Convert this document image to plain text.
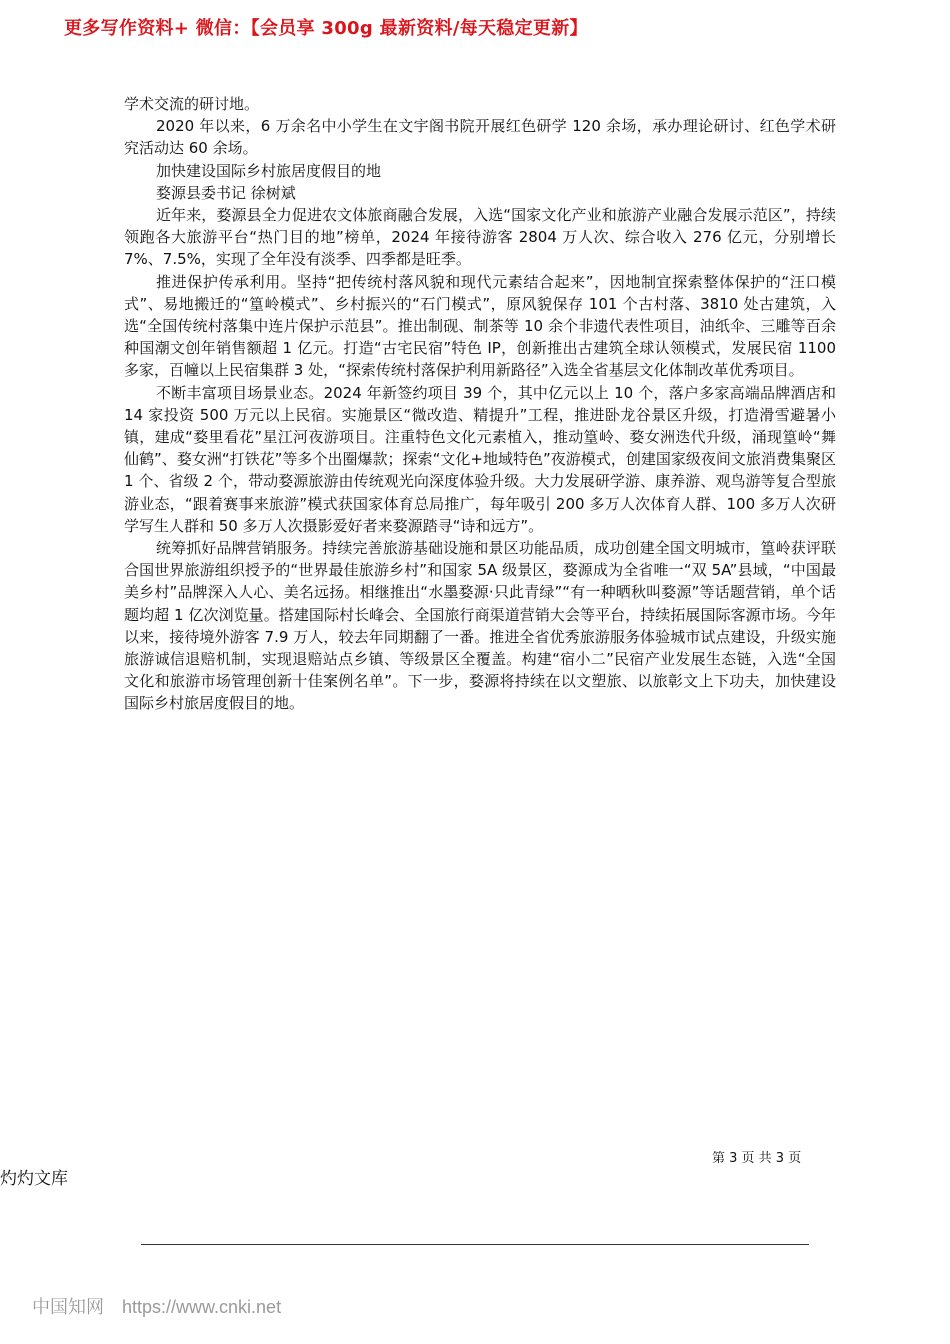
更多写作资料+ 微信：【会员享 300g 最新资料/每天稳定更新】

学术交流的研讨地。

2020 年以来，6 万余名中小学生在文宇阁书院开展红色研学 120 余场，承办理论研讨、红色学术研究活动达 60 余场。

加快建设国际乡村旅居度假目的地

婺源县委书记 徐树斌

近年来，婺源县全力促进农文体旅商融合发展，入选“国家文化产业和旅游产业融合发展示范区”，持续领跑各大旅游平台“热门目的地”榜单，2024 年接待游客 2804 万人次、综合收入 276 亿元，分别增长 7%、7.5%，实现了全年没有淡季、四季都是旺季。

推进保护传承利用。坚持“把传统村落风貌和现代元素结合起来”，因地制宜探索整体保护的“汪口模式”、易地搬迁的“篁岭模式”、乡村振兴的“石门模式”，原风貌保存 101 个古村落、3810 处古建筑，入选“全国传统村落集中连片保护示范县”。推出制砚、制茶等 10 余个非遗代表性项目，油纸伞、三雕等百余种国潮文创年销售额超 1 亿元。打造“古宅民宿”特色 IP，创新推出古建筑全球认领模式，发展民宿 1100 多家，百幢以上民宿集群 3 处，“探索传统村落保护利用新路径”入选全省基层文化体制改革优秀项目。

不断丰富项目场景业态。2024 年新签约项目 39 个，其中亿元以上 10 个，落户多家高端品牌酒店和 14 家投资 500 万元以上民宿。实施景区“微改造、精提升”工程，推进卧龙谷景区升级，打造滑雪避暑小镇，建成“婺里看花”星江河夜游项目。注重特色文化元素植入，推动篁岭、婺女洲迭代升级，涌现篁岭“舞仙鹤”、婺女洲“打铁花”等多个出圈爆款；探索“文化+地域特色”夜游模式，创建国家级夜间文旅消费集聚区 1 个、省级 2 个，带动婺源旅游由传统观光向深度体验升级。大力发展研学游、康养游、观鸟游等复合型旅游业态，“跟着赛事来旅游”模式获国家体育总局推广，每年吸引 200 多万人次体育人群、100 多万人次研学写生人群和 50 多万人次摄影爱好者来婺源踏寻“诗和远方”。

统筹抓好品牌营销服务。持续完善旅游基础设施和景区功能品质，成功创建全国文明城市，篁岭获评联合国世界旅游组织授予的“世界最佳旅游乡村”和国家 5A 级景区，婺源成为全省唯一“双 5A”县域，“中国最美乡村”品牌深入人心、美名远扬。相继推出“水墨婺源·只此青绿”“有一种晒秋叫婺源”等话题营销，单个话题均超 1 亿次浏览量。搭建国际村长峰会、全国旅行商渠道营销大会等平台，持续拓展国际客源市场。今年以来，接待境外游客 7.9 万人，较去年同期翻了一番。推进全省优秀旅游服务体验城市试点建设，升级实施旅游诚信退赔机制，实现退赔站点乡镇、等级景区全覆盖。构建“宿小二”民宿产业发展生态链，入选“全国文化和旅游市场管理创新十佳案例名单”。下一步，婺源将持续在以文塑旅、以旅彰文上下功夫，加快建设国际乡村旅居度假目的地。

第 3 页 共 3 页
灼灼文库
中国知网 https://www.cnki.net
